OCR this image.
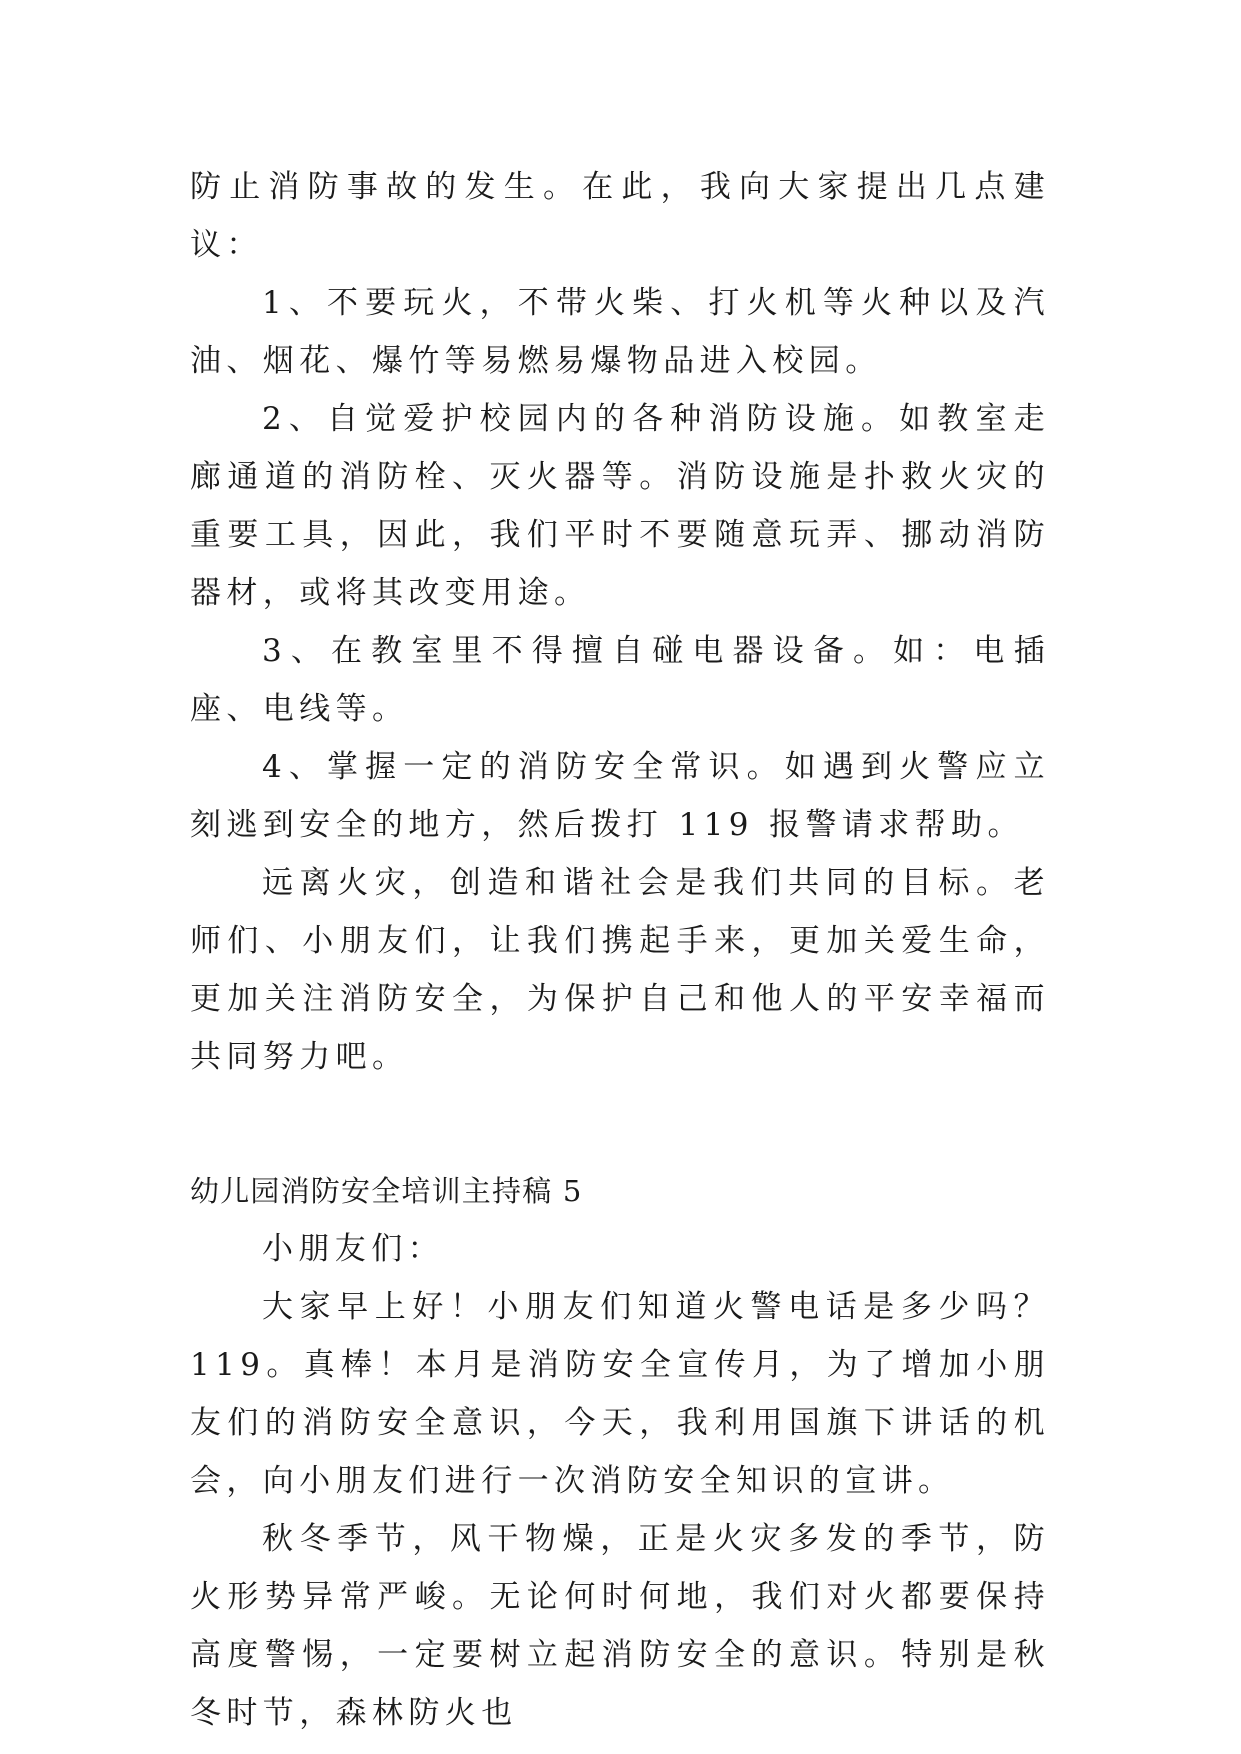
防止消防事故的发生。在此，我向大家提出几点建议：

1、不要玩火，不带火柴、打火机等火种以及汽油、烟花、爆竹等易燃易爆物品进入校园。

2、自觉爱护校园内的各种消防设施。如教室走廊通道的消防栓、灭火器等。消防设施是扑救火灾的重要工具，因此，我们平时不要随意玩弄、挪动消防器材，或将其改变用途。

3、在教室里不得擅自碰电器设备。如：电插座、电线等。

4、掌握一定的消防安全常识。如遇到火警应立刻逃到安全的地方，然后拨打 119 报警请求帮助。

远离火灾，创造和谐社会是我们共同的目标。老师们、小朋友们，让我们携起手来，更加关爱生命，更加关注消防安全，为保护自己和他人的平安幸福而共同努力吧。

幼儿园消防安全培训主持稿 5

小朋友们：

大家早上好！小朋友们知道火警电话是多少吗？119。真棒！本月是消防安全宣传月，为了增加小朋友们的消防安全意识，今天，我利用国旗下讲话的机会，向小朋友们进行一次消防安全知识的宣讲。

秋冬季节，风干物燥，正是火灾多发的季节，防火形势异常严峻。无论何时何地，我们对火都要保持高度警惕，一定要树立起消防安全的意识。特别是秋冬时节，森林防火也
